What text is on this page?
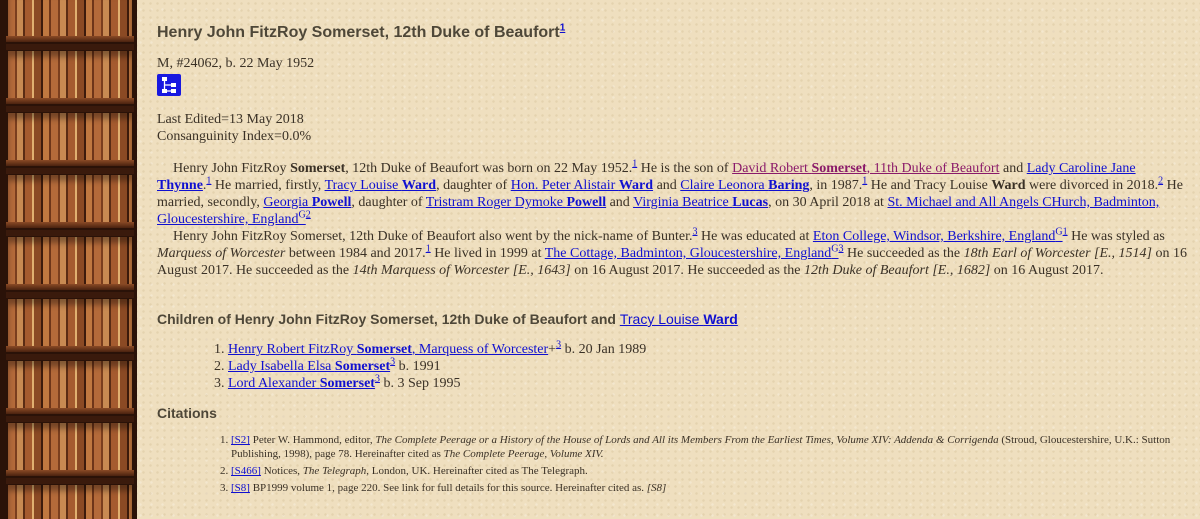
Henry John FitzRoy Somerset, 12th Duke of Beaufort$^1$
M, #24062, b. 22 May 1952
Last Edited=13 May 2018
Consanguinity Index=0.0%

Henry John FitzRoy Somerset, 12th Duke of Beaufort was born on 22 May 1952.$^1$ He is the son of David Robert Somerset, 11th Duke of Beaufort and Lady Caroline Jane Thynne.$^1$ He married, firstly, Tracy Louise Ward, daughter of Hon. Peter Alistair Ward and Claire Leonora Baring, in 1987.$^1$ He and Tracy Louise Ward were divorced in 2018.$^2$ He married, secondly, Georgia Powell, daughter of Tristram Roger Dymoke Powell and Virginia Beatrice Lucas, on 30 April 2018 at St. Michael and All Angels CHurch, Badminton, Gloucestershire, England$^{G2}$

Henry John FitzRoy Somerset, 12th Duke of Beaufort also went by the nick-name of Bunter.$^3$ He was educated at Eton College, Windsor, Berkshire, England$^{G1}$ He was styled as Marquess of Worcester between 1984 and 2017.$^1$ He lived in 1999 at The Cottage, Badminton, Gloucestershire, England$^{G3}$ He succeeded as the 18th Earl of Worcester [E., 1514] on 16 August 2017. He succeeded as the 14th Marquess of Worcester [E., 1643] on 16 August 2017. He succeeded as the 12th Duke of Beaufort [E., 1682] on 16 August 2017.

Children of Henry John FitzRoy Somerset, 12th Duke of Beaufort and Tracy Louise Ward
1. Henry Robert FitzRoy Somerset, Marquess of Worcester+$^3$ b. 20 Jan 1989
2. Lady Isabella Elsa Somerset$^3$ b. 1991
3. Lord Alexander Somerset$^3$ b. 3 Sep 1995
Citations
1. [S2] Peter W. Hammond, editor, The Complete Peerage or a History of the House of Lords and All its Members From the Earliest Times, Volume XIV: Addenda & Corrigenda (Stroud, Gloucestershire, U.K.: Sutton Publishing, 1998), page 78. Hereinafter cited as The Complete Peerage, Volume XIV.
2. [S466] Notices, The Telegraph, London, UK. Hereinafter cited as The Telegraph.
3. [S8] BP1999 volume 1, page 220. See link for full details for this source. Hereinafter cited as. [S8]
